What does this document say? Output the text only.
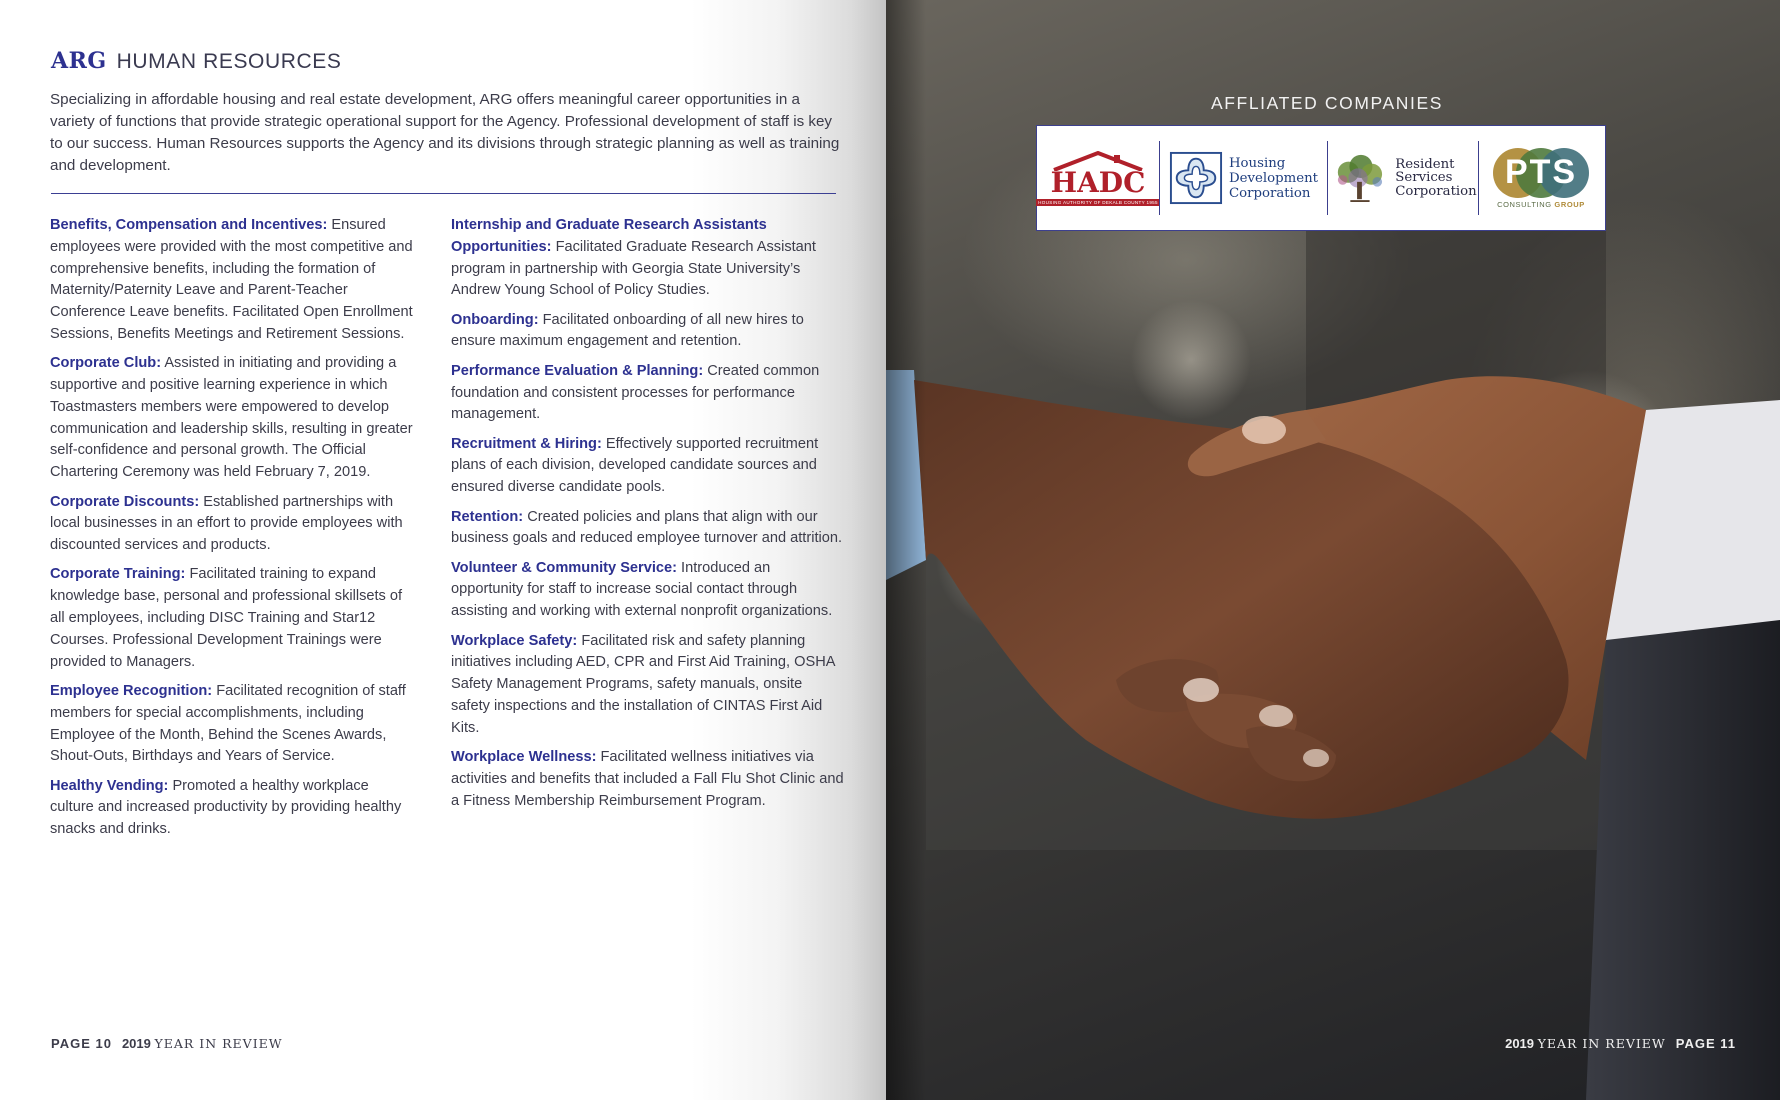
ARG HUMAN RESOURCES

Specializing in affordable housing and real estate development, ARG offers meaningful career opportunities in a variety of functions that provide strategic operational support for the Agency. Professional development of staff is key to our success. Human Resources supports the Agency and its divisions through strategic planning as well as training and development.

Benefits, Compensation and Incentives: Ensured employees were provided with the most competitive and comprehensive benefits, including the formation of Maternity/Paternity Leave and Parent-Teacher Conference Leave benefits. Facilitated Open Enrollment Sessions, Benefits Meetings and Retirement Sessions.

Corporate Club: Assisted in initiating and providing a supportive and positive learning experience in which Toastmasters members were empowered to develop communication and leadership skills, resulting in greater self-confidence and personal growth. The Official Chartering Ceremony was held February 7, 2019.

Corporate Discounts: Established partnerships with local businesses in an effort to provide employees with discounted services and products.

Corporate Training: Facilitated training to expand knowledge base, personal and professional skillsets of all employees, including DISC Training and Star12 Courses. Professional Development Trainings were provided to Managers.

Employee Recognition: Facilitated recognition of staff members for special accomplishments, including Employee of the Month, Behind the Scenes Awards, Shout-Outs, Birthdays and Years of Service.

Healthy Vending: Promoted a healthy workplace culture and increased productivity by providing healthy snacks and drinks.

Internship and Graduate Research Assistants Opportunities: Facilitated Graduate Research Assistant program in partnership with Georgia State University’s Andrew Young School of Policy Studies.

Onboarding: Facilitated onboarding of all new hires to ensure maximum engagement and retention.

Performance Evaluation & Planning: Created common foundation and consistent processes for performance management.

Recruitment & Hiring: Effectively supported recruitment plans of each division, developed candidate sources and ensured diverse candidate pools.

Retention: Created policies and plans that align with our business goals and reduced employee turnover and attrition.

Volunteer & Community Service: Introduced an opportunity for staff to increase social contact through assisting and working with external nonprofit organizations.

Workplace Safety: Facilitated risk and safety planning initiatives including AED, CPR and First Aid Training, OSHA Safety Management Programs, safety manuals, onsite safety inspections and the installation of CINTAS First Aid Kits.

Workplace Wellness: Facilitated wellness initiatives via activities and benefits that included a Fall Flu Shot Clinic and a Fitness Membership Reimbursement Program.

PAGE 10 2019 YEAR IN REVIEW
AFFLIATED COMPANIES
HADC
HOUSING AUTHORITY OF DEKALB COUNTY 1955
Housing
Development
Corporation
Resident
Services
Corporation
PTS
CONSULTING GROUP
2019 YEAR IN REVIEW PAGE 11
